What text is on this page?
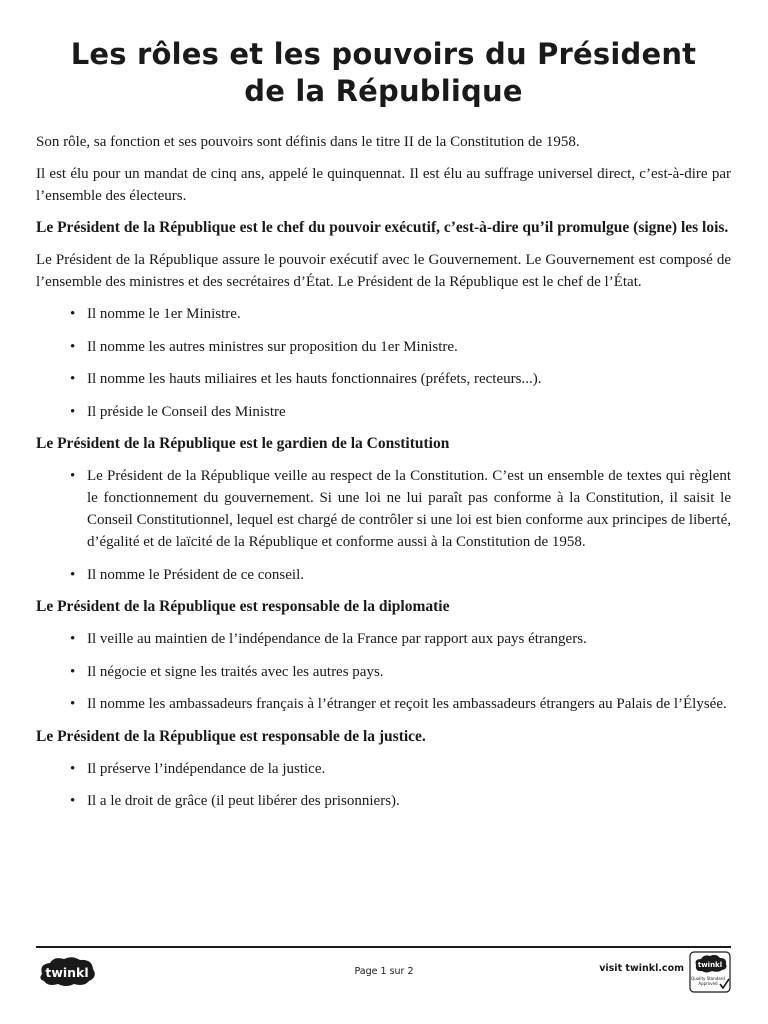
Les rôles et les pouvoirs du Président
de la République

Son rôle, sa fonction et ses pouvoirs sont définis dans le titre II de la Constitution de 1958.

Il est élu pour un mandat de cinq ans, appelé le quinquennat. Il est élu au suffrage universel direct, c’est-à-dire par l’ensemble des électeurs.

Le Président de la République est le chef du pouvoir exécutif, c’est-à-dire qu’il promulgue (signe) les lois.

Le Président de la République assure le pouvoir exécutif avec le Gouvernement. Le Gouvernement est composé de l’ensemble des ministres et des secrétaires d’État. Le Président de la République est le chef de l’État.

• Il nomme le 1er Ministre.
• Il nomme les autres ministres sur proposition du 1er Ministre.
• Il nomme les hauts miliaires et les hauts fonctionnaires (préfets, recteurs...).
• Il préside le Conseil des Ministre

Le Président de la République est le gardien de la Constitution

• Le Président de la République veille au respect de la Constitution. C’est un ensemble de textes qui règlent le fonctionnement du gouvernement. Si une loi ne lui paraît pas conforme à la Constitution, il saisit le Conseil Constitutionnel, lequel est chargé de contrôler si une loi est bien conforme aux principes de liberté, d’égalité et de laïcité de la République et conforme aussi à la Constitution de 1958.
• Il nomme le Président de ce conseil.

Le Président de la République est responsable de la diplomatie

• Il veille au maintien de l’indépendance de la France par rapport aux pays étrangers.
• Il négocie et signe les traités avec les autres pays.
• Il nomme les ambassadeurs français à l’étranger et reçoit les ambassadeurs étrangers au Palais de l’Élysée.

Le Président de la République est responsable de la justice.

• Il préserve l’indépendance de la justice.
• Il a le droit de grâce (il peut libérer des prisonniers).
twinkl	Page 1 sur 2	visit twinkl.com twinkl
Quality Standard
Approved
